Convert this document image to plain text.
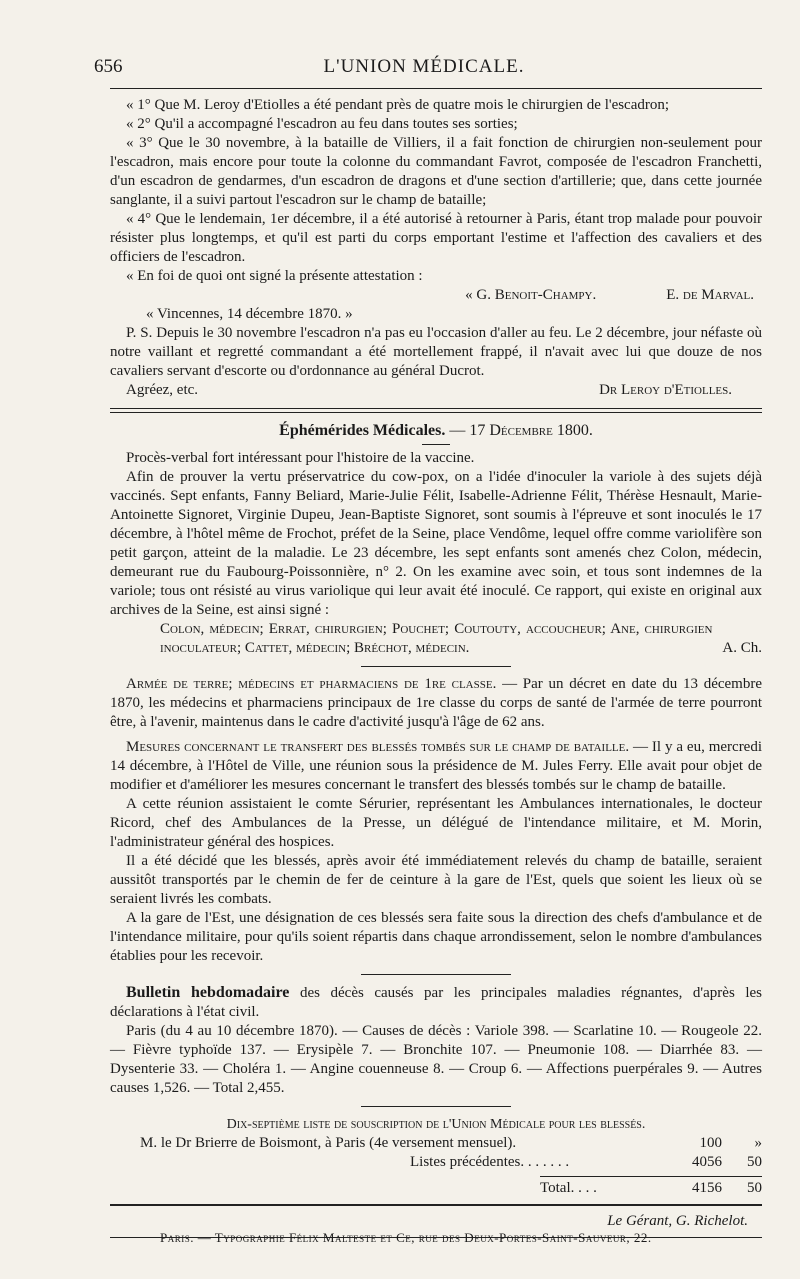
656	L'UNION MÉDICALE.

« 1° Que M. Leroy d'Etiolles a été pendant près de quatre mois le chirurgien de l'escadron;

« 2° Qu'il a accompagné l'escadron au feu dans toutes ses sorties;

« 3° Que le 30 novembre, à la bataille de Villiers, il a fait fonction de chirurgien non-seulement pour l'escadron, mais encore pour toute la colonne du commandant Favrot, composée de l'escadron Franchetti, d'un escadron de gendarmes, d'un escadron de dragons et d'une section d'artillerie; que, dans cette journée sanglante, il a suivi partout l'escadron sur le champ de bataille;

« 4° Que le lendemain, 1er décembre, il a été autorisé à retourner à Paris, étant trop malade pour pouvoir résister plus longtemps, et qu'il est parti du corps emportant l'estime et l'affection des cavaliers et des officiers de l'escadron.

« En foi de quoi ont signé la présente attestation :

« G. Benoit-Champy.	E. de Marval.

« Vincennes, 14 décembre 1870. »

P. S. Depuis le 30 novembre l'escadron n'a pas eu l'occasion d'aller au feu. Le 2 décembre, jour néfaste où notre vaillant et regretté commandant a été mortellement frappé, il n'avait avec lui que douze de nos cavaliers servant d'escorte ou d'ordonnance au général Ducrot.

Agréez, etc.	Dr Leroy d'Etiolles.
Éphémérides Médicales. — 17 Décembre 1800.

Procès-verbal fort intéressant pour l'histoire de la vaccine.

Afin de prouver la vertu préservatrice du cow-pox, on a l'idée d'inoculer la variole à des sujets déjà vaccinés. Sept enfants, Fanny Beliard, Marie-Julie Félit, Isabelle-Adrienne Félit, Thérèse Hesnault, Marie-Antoinette Signoret, Virginie Dupeu, Jean-Baptiste Signoret, sont soumis à l'épreuve et sont inoculés le 17 décembre, à l'hôtel même de Frochot, préfet de la Seine, place Vendôme, lequel offre comme variolifère son petit garçon, atteint de la maladie. Le 23 décembre, les sept enfants sont amenés chez Colon, médecin, demeurant rue du Faubourg-Poissonnière, n° 2. On les examine avec soin, et tous sont indemnes de la variole; tous ont résisté au virus variolique qui leur avait été inoculé. Ce rapport, qui existe en original aux archives de la Seine, est ainsi signé :

Colon, médecin; Errat, chirurgien; Pouchet; Coutouty, accoucheur; Ane, chirurgien inoculateur; Cattet, médecin; Bréchot, médecin.	A. Ch.

Armée de terre; médecins et pharmaciens de 1re classe. — Par un décret en date du 13 décembre 1870, les médecins et pharmaciens principaux de 1re classe du corps de santé de l'armée de terre pourront être, à l'avenir, maintenus dans le cadre d'activité jusqu'à l'âge de 62 ans.

Mesures concernant le transfert des blessés tombés sur le champ de bataille. — Il y a eu, mercredi 14 décembre, à l'Hôtel de Ville, une réunion sous la présidence de M. Jules Ferry. Elle avait pour objet de modifier et d'améliorer les mesures concernant le transfert des blessés tombés sur le champ de bataille.

A cette réunion assistaient le comte Sérurier, représentant les Ambulances internationales, le docteur Ricord, chef des Ambulances de la Presse, un délégué de l'intendance militaire, et M. Morin, l'administrateur général des hospices.

Il a été décidé que les blessés, après avoir été immédiatement relevés du champ de bataille, seraient aussitôt transportés par le chemin de fer de ceinture à la gare de l'Est, quels que soient les lieux où se seraient livrés les combats.

A la gare de l'Est, une désignation de ces blessés sera faite sous la direction des chefs d'ambulance et de l'intendance militaire, pour qu'ils soient répartis dans chaque arrondissement, selon le nombre d'ambulances établies pour les recevoir.

Bulletin hebdomadaire des décès causés par les principales maladies régnantes, d'après les déclarations à l'état civil.

Paris (du 4 au 10 décembre 1870). — Causes de décès : Variole 398. — Scarlatine 10. — Rougeole 22. — Fièvre typhoïde 137. — Erysipèle 7. — Bronchite 107. — Pneumonie 108. — Diarrhée 83. — Dysenterie 33. — Choléra 1. — Angine couenneuse 8. — Croup 6. — Affections puerpérales 9. — Autres causes 1,526. — Total 2,455.

Dix-septième liste de souscription de l'Union Médicale pour les blessés.
M. le Dr Brierre de Boismont, à Paris (4e versement mensuel).	100	»
Listes précédentes. . . . . . .	4056	50
Total. . . .	4156	50
Le Gérant, G. Richelot.
Paris. — Typographie Félix Malteste et Ce, rue des Deux-Portes-Saint-Sauveur, 22.
